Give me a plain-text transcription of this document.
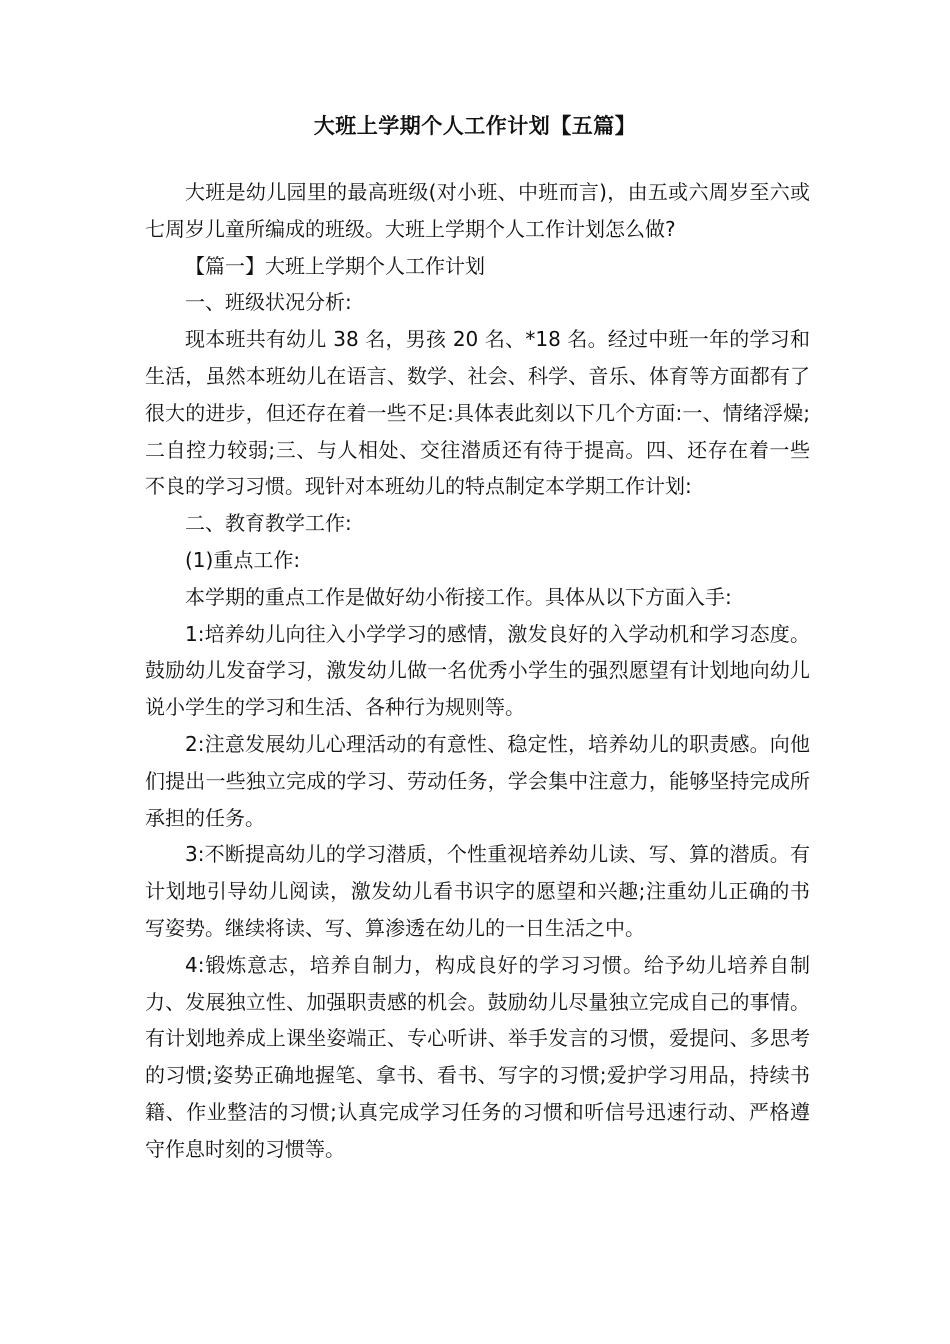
大班上学期个人工作计划【五篇】

大班是幼儿园里的最高班级(对小班、中班而言)，由五或六周岁至六或七周岁儿童所编成的班级。大班上学期个人工作计划怎么做?

【篇一】大班上学期个人工作计划

一、班级状况分析:

现本班共有幼儿 38 名，男孩 20 名、*18 名。经过中班一年的学习和生活，虽然本班幼儿在语言、数学、社会、科学、音乐、体育等方面都有了很大的进步，但还存在着一些不足:具体表此刻以下几个方面:一、情绪浮燥;二自控力较弱;三、与人相处、交往潜质还有待于提高。四、还存在着一些不良的学习习惯。现针对本班幼儿的特点制定本学期工作计划:

二、教育教学工作:

(1)重点工作:

本学期的重点工作是做好幼小衔接工作。具体从以下方面入手:

1:培养幼儿向往入小学学习的感情，激发良好的入学动机和学习态度。鼓励幼儿发奋学习，激发幼儿做一名优秀小学生的强烈愿望有计划地向幼儿说小学生的学习和生活、各种行为规则等。

2:注意发展幼儿心理活动的有意性、稳定性，培养幼儿的职责感。向他们提出一些独立完成的学习、劳动任务，学会集中注意力，能够坚持完成所承担的任务。

3:不断提高幼儿的学习潜质，个性重视培养幼儿读、写、算的潜质。有计划地引导幼儿阅读，激发幼儿看书识字的愿望和兴趣;注重幼儿正确的书写姿势。继续将读、写、算渗透在幼儿的一日生活之中。

4:锻炼意志，培养自制力，构成良好的学习习惯。给予幼儿培养自制力、发展独立性、加强职责感的机会。鼓励幼儿尽量独立完成自己的事情。有计划地养成上课坐姿端正、专心听讲、举手发言的习惯，爱提问、多思考的习惯;姿势正确地握笔、拿书、看书、写字的习惯;爱护学习用品，持续书籍、作业整洁的习惯;认真完成学习任务的习惯和听信号迅速行动、严格遵守作息时刻的习惯等。
